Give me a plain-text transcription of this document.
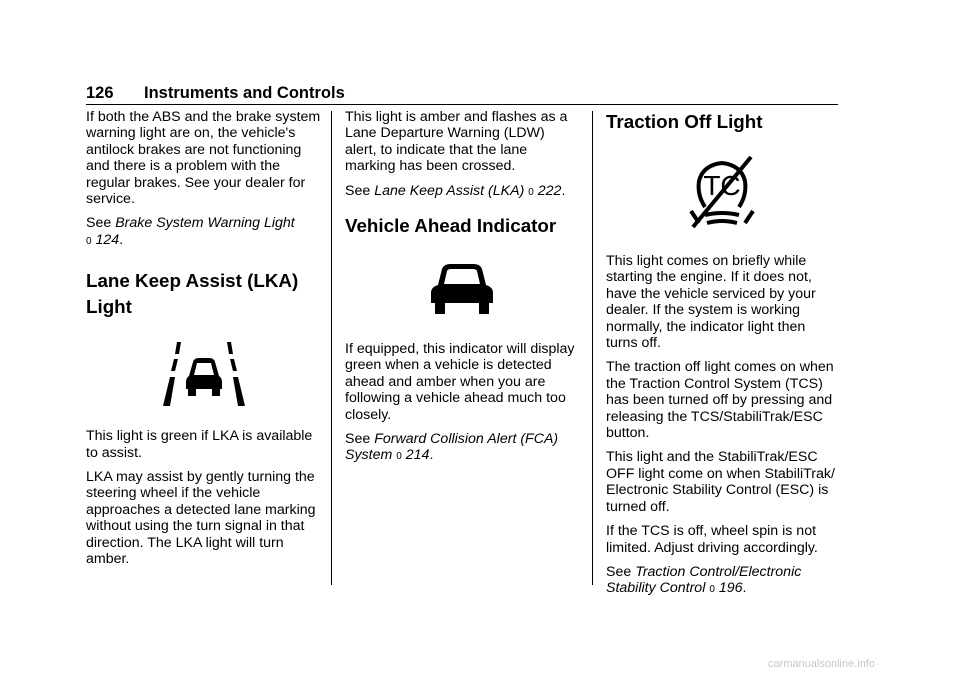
126 Instruments and Controls

If both the ABS and the brake system warning light are on, the vehicle's antilock brakes are not functioning and there is a problem with the regular brakes. See your dealer for service.

See Brake System Warning Light
0 124.

Lane Keep Assist (LKA) Light

This light is green if LKA is available to assist.

LKA may assist by gently turning the steering wheel if the vehicle approaches a detected lane marking without using the turn signal in that direction. The LKA light will turn amber.

This light is amber and flashes as a Lane Departure Warning (LDW) alert, to indicate that the lane marking has been crossed.

See Lane Keep Assist (LKA) 0 222.

Vehicle Ahead Indicator

If equipped, this indicator will display green when a vehicle is detected ahead and amber when you are following a vehicle ahead much too closely.

See Forward Collision Alert (FCA) System 0 214.

Traction Off Light
TC

This light comes on briefly while starting the engine. If it does not, have the vehicle serviced by your dealer. If the system is working normally, the indicator light then turns off.

The traction off light comes on when the Traction Control System (TCS) has been turned off by pressing and releasing the TCS/StabiliTrak/ESC button.

This light and the StabiliTrak/ESC OFF light come on when StabiliTrak/ Electronic Stability Control (ESC) is turned off.

If the TCS is off, wheel spin is not limited. Adjust driving accordingly.

See Traction Control/Electronic Stability Control 0 196.

carmanualsonline.info
